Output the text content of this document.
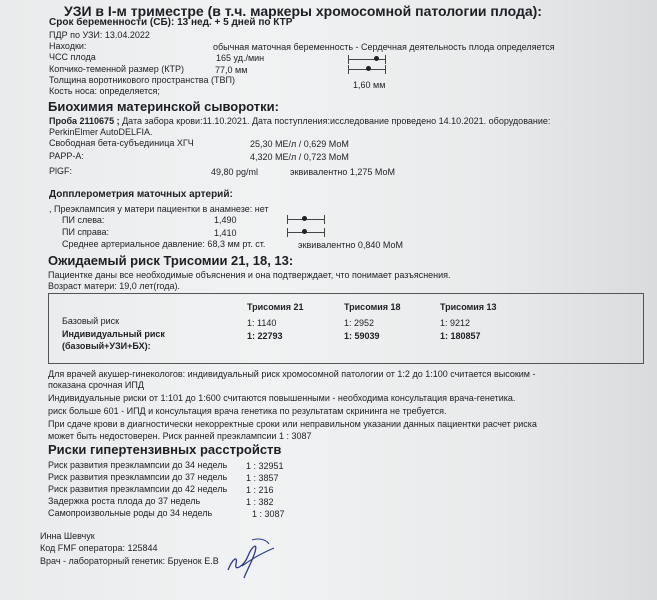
УЗИ в I-м триместре (в т.ч. маркеры хромосомной патологии плода):
Срок беременности (СБ): 13 нед. + 5 дней по КТР
ПДР по УЗИ: 13.04.2022
Находки:	обычная маточная беременность - Сердечная деятельность плода определяется
ЧСС плода	165 уд./мин
Копчико-теменной размер (КТР)	77,0 мм
Толщина воротникового пространства (ТВП)	1,60 мм
Кость носа: определяется;
Биохимия материнской сыворотки:
Проба 2110675 ; Дата забора крови:11.10.2021. Дата поступления:исследование проведено 14.10.2021. оборудование:
PerkinElmer AutoDELFIA.
Свободная бета-субъединица ХГЧ	25,30 МЕ/л / 0,629 МоМ
PAPP-A:	4,320 МЕ/л / 0,723 МоМ
PlGF:	49,80 pg/ml	эквивалентно 1,275 МоМ
Допплерометрия маточных артерий:
, Преэклампсия у матери пациентки в анамнезе: нет
ПИ слева:	1,490
ПИ справа:	1,410
Среднее артериальное давление: 68,3 мм рт. ст.	эквивалентно 0,840 МоМ
Ожидаемый риск Трисомии 21, 18, 13:
Пациентке даны все необходимые объяснения и она подтверждает, что понимает разъяснения.
Возраст матери: 19,0 лет(года).
Трисомия 21	Трисомия 18	Трисомия 13
Базовый риск	1: 1140	1: 2952	1: 9212
Индивидуальный риск
(базовый+УЗИ+БХ):
1: 22793	1: 59039	1: 180857
Для врачей акушер-гинекологов: индивидуальный риск хромосомной патологии от 1:2 до 1:100 считается высоким -
показана срочная ИПД
Индивидуальные риски от 1:101 до 1:600 считаются повышенными - необходима консультация врача-генетика.
риск больше 601 - ИПД и консультация врача генетика по результатам скрининга не требуется.
При сдаче крови в диагностически некорректные сроки или неправильном указании данных пациентки расчет риска
может быть недостоверен. Риск ранней преэклампсии 1 : 3087
Риски гипертензивных расстройств
Риск развития преэклампсии до 34 недель 1 : 32951
Риск развития преэклампсии до 37 недель 1 : 3857
Риск развития преэклампсии до 42 недель 1 : 216
Задержка роста плода до 37 недель	1 : 382
Самопроизвольные роды до 34 недель	1 : 3087
Инна Шевчук
Код FMF оператора: 125844
Врач - лабораторный генетик: Бруенок Е.В
